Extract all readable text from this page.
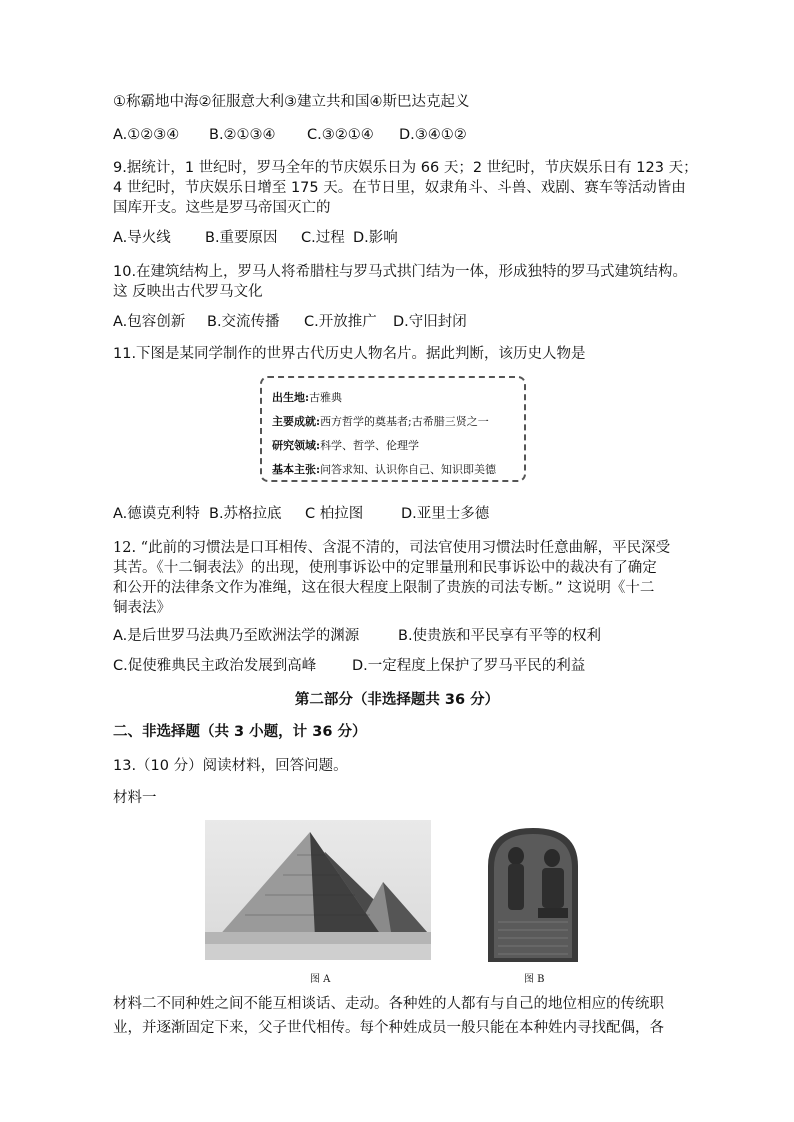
①称霸地中海②征服意大利③建立共和国④斯巴达克起义
A.①②③④ B.②①③④ C.③②①④ D.③④①②
9.据统计，1 世纪时，罗马全年的节庆娱乐日为 66 天；2 世纪时，节庆娱乐日有 123 天；
4 世纪时，节庆娱乐日增至 175 天。在节日里，奴隶角斗、斗兽、戏剧、赛车等活动皆由
国库开支。这些是罗马帝国灭亡的
A.导火线 B.重要原因 C.过程 D.影响
10.在建筑结构上，罗马人将希腊柱与罗马式拱门结为一体，形成独特的罗马式建筑结构。
这 反映出古代罗马文化
A.包容创新 B.交流传播 C.开放推广 D.守旧封闭
11.下图是某同学制作的世界古代历史人物名片。据此判断，该历史人物是
出生地:古雅典
主要成就:西方哲学的奠基者;古希腊三贤之一
研究领域:科学、哲学、伦理学
基本主张:问答求知、认识你自己、知识即美德
A.德谟克利特 B.苏格拉底 C 柏拉图	D.亚里士多德
12. “此前的习惯法是口耳相传、含混不清的，司法官使用习惯法时任意曲解，平民深受
其苦。《十二铜表法》的出现，使刑事诉讼中的定罪量刑和民事诉讼中的裁决有了确定
和公开的法律条文作为准绳，这在很大程度上限制了贵族的司法专断。” 这说明《十二
铜表法》
A.是后世罗马法典乃至欧洲法学的渊源	B.使贵族和平民享有平等的权利
C.促使雅典民主政治发展到高峰 D.一定程度上保护了罗马平民的利益
第二部分（非选择题共 36 分）
二、非选择题（共 3 小题，计 36 分）
13.（10 分）阅读材料，回答问题。
材料一
图 A	图 B
材料二不同种姓之间不能互相谈话、走动。各种姓的人都有与自己的地位相应的传统职
业，并逐渐固定下来，父子世代相传。每个种姓成员一般只能在本种姓内寻找配偶，各
